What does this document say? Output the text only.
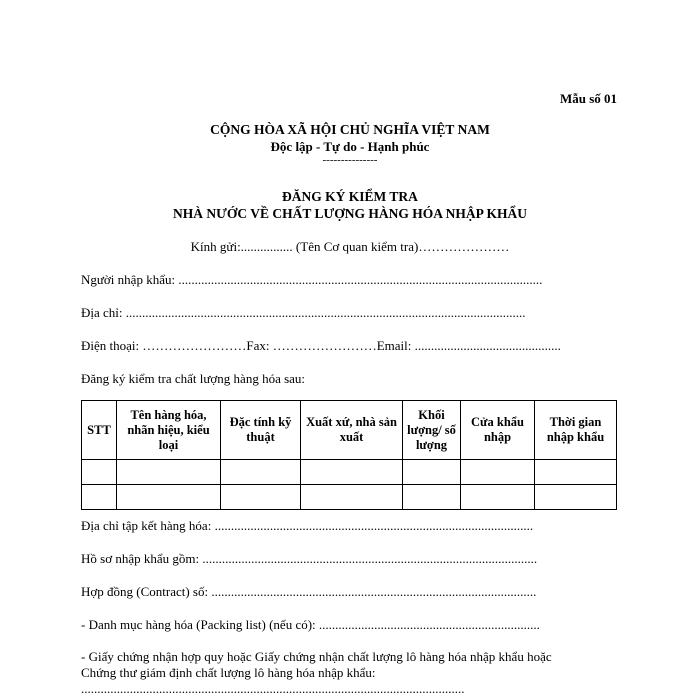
Mẫu số 01
CỘNG HÒA XÃ HỘI CHỦ NGHĨA VIỆT NAM
Độc lập - Tự do - Hạnh phúc
---------------
ĐĂNG KÝ KIỂM TRA
NHÀ NƯỚC VỀ CHẤT LƯỢNG HÀNG HÓA NHẬP KHẨU
Kính gửi:................ (Tên Cơ quan kiểm tra)…………………
Người nhập khẩu: ................................................................................................................
Địa chỉ: ...........................................................................................................................
Điện thoại: ……………………Fax: ……………………Email: .............................................
Đăng ký kiểm tra chất lượng hàng hóa sau:
STT	Tên hàng hóa, nhãn hiệu, kiểu loại	Đặc tính kỹ thuật	Xuất xứ, nhà sản xuất	Khối lượng/ số lượng	Cửa khẩu nhập	Thời gian nhập khẩu

Địa chỉ tập kết hàng hóa: ..................................................................................................
Hồ sơ nhập khẩu gồm: .......................................................................................................
Hợp đồng (Contract) số: ....................................................................................................
- Danh mục hàng hóa (Packing list) (nếu có): ....................................................................
- Giấy chứng nhận hợp quy hoặc Giấy chứng nhận chất lượng lô hàng hóa nhập khẩu hoặc
Chứng thư giám định chất lượng lô hàng hóa nhập khẩu:
......................................................................................................................
